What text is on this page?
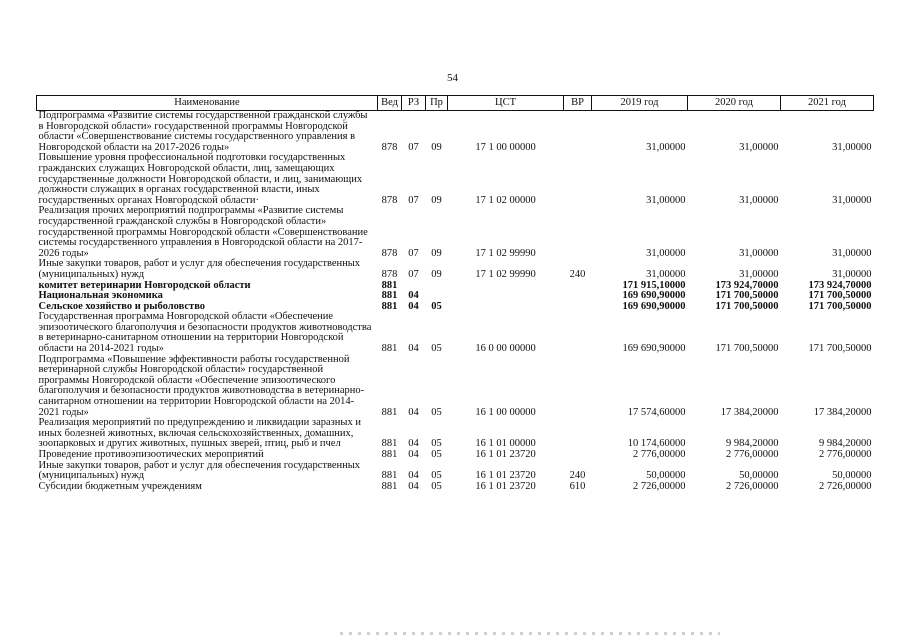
54
Наименование	Вед	РЗ	Пр	ЦСТ	ВР	2019 год	2020 год	2021 год
Подпрограмма «Развитие системы государственной гражданской службы в Новгородской области» государственной программы Новгородской области «Совершенствование системы государственного управления в Новгородской области на 2017-2026 годы»	878	07	09	17 1 00 00000		31,00000	31,00000	31,00000
Повышение уровня профессиональной подготовки государственных гражданских служащих Новгородской области, лиц, замещающих государственные должности Новгородской области, и лиц, занимающих должности служащих в органах государственной власти, иных государственных органах Новгородской области·	878	07	09	17 1 02 00000		31,00000	31,00000	31,00000
Реализация прочих мероприятий подпрограммы «Развитие системы государственной гражданской службы в Новгородской области» государственной программы Новгородской области «Совершенствование системы государственного управления в Новгородской области на 2017-2026 годы»	878	07	09	17 1 02 99990		31,00000	31,00000	31,00000
Иные закупки товаров, работ и услуг для обеспечения государственных (муниципальных) нужд	878	07	09	17 1 02 99990	240	31,00000	31,00000	31,00000
комитет ветеринарии Новгородской области	881					171 915,10000	173 924,70000	173 924,70000
Национальная экономика	881	04				169 690,90000	171 700,50000	171 700,50000
Сельское хозяйство и рыболовство	881	04	05			169 690,90000	171 700,50000	171 700,50000
Государственная программа Новгородской области «Обеспечение эпизоотического благополучия и безопасности продуктов животноводства в ветеринарно-санитарном отношении на территории Новгородской области на 2014-2021 годы»	881	04	05	16 0 00 00000		169 690,90000	171 700,50000	171 700,50000
Подпрограмма «Повышение эффективности работы государственной ветеринарной службы Новгородской области» государственной программы Новгородской области «Обеспечение эпизоотического благополучия и безопасности продуктов животноводства в ветеринарно-санитарном отношении на территории Новгородской области на 2014-2021 годы»	881	04	05	16 1 00 00000		17 574,60000	17 384,20000	17 384,20000
Реализация мероприятий по предупреждению и ликвидации заразных и иных болезней животных, включая сельскохозяйственных, домашних, зоопарковых и других животных, пушных зверей, птиц, рыб и пчел	881	04	05	16 1 01 00000		10 174,60000	9 984,20000	9 984,20000
Проведение противоэпизоотических мероприятий	881	04	05	16 1 01 23720		2 776,00000	2 776,00000	2 776,00000
Иные закупки товаров, работ и услуг для обеспечения государственных (муниципальных) нужд	881	04	05	16 1 01 23720	240	50,00000	50,00000	50,00000
Субсидии бюджетным учреждениям	881	04	05	16 1 01 23720	610	2 726,00000	2 726,00000	2 726,00000
